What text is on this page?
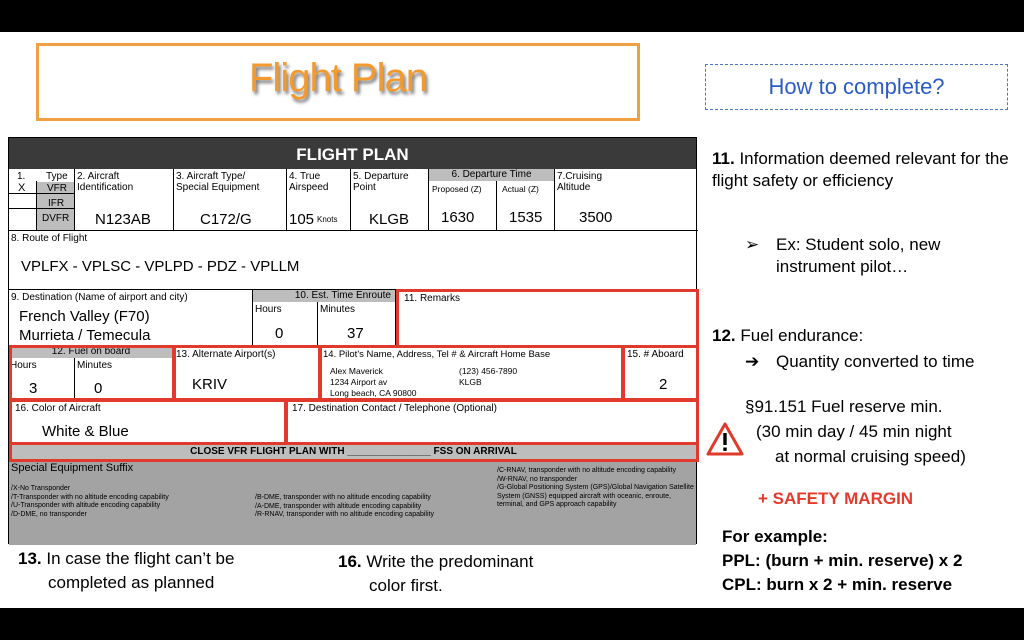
Flight Plan	How to complete?
FLIGHT PLAN
1. Type
X VFR
IFR
DVFR
2. Aircraft Identification
N123AB
3. Aircraft Type/ Special Equipment
C172/G
4. True Airspeed
105 Knots
5. Departure Point
KLGB
6. Departure Time
Proposed (Z) Actual (Z)
1630 1535
7.Cruising Altitude
3500
8. Route of Flight
VPLFX - VPLSC - VPLPD - PDZ - VPLLM
9. Destination (Name of airport and city)
French Valley (F70)
Murrieta / Temecula
10. Est. Time Enroute
Hours	Minutes
0	37
11. Remarks
12. Fuel on board
Hours	Minutes
3	0
13. Alternate Airport(s)
KRIV
14. Pilot's Name, Address, Tel # & Aircraft Home Base
Alex Maverick
1234 Airport av
Long beach, CA 90800
(123) 456-7890
KLGB
15. # Aboard
2
16. Color of Aircraft
White & Blue
17. Destination Contact / Telephone (Optional)
CLOSE VFR FLIGHT PLAN WITH _______________ FSS ON ARRIVAL
Special Equipment Suffix
/X-No Transponder
/T-Transponder with no altitude encoding capability
/U-Transponder with altitude encoding capability
/D-DME, no transponder
/B-DME, transponder with no altitude encoding capability
/A-DME, transponder with altitude encoding capability
/R-RNAV, transponder with no altitude encoding capability
/C-RNAV, transponder with no altitude encoding capability
/W-RNAV, no transponder
/G-Global Positioning System (GPS)/Global Navigation Satellite System (GNSS) equipped aircraft with oceanic, enroute, terminal, and GPS approach capability
11. Information deemed relevant for the flight safety or efficiency
➢ Ex: Student solo, new instrument pilot…
12. Fuel endurance:
➔ Quantity converted to time
§91.151 Fuel reserve min.
(30 min day / 45 min night
at normal cruising speed)
+ SAFETY MARGIN
For example:
PPL: (burn + min. reserve) x 2
CPL: burn x 2 + min. reserve
13. In case the flight can’t be
completed as planned
16. Write the predominant
color first.
